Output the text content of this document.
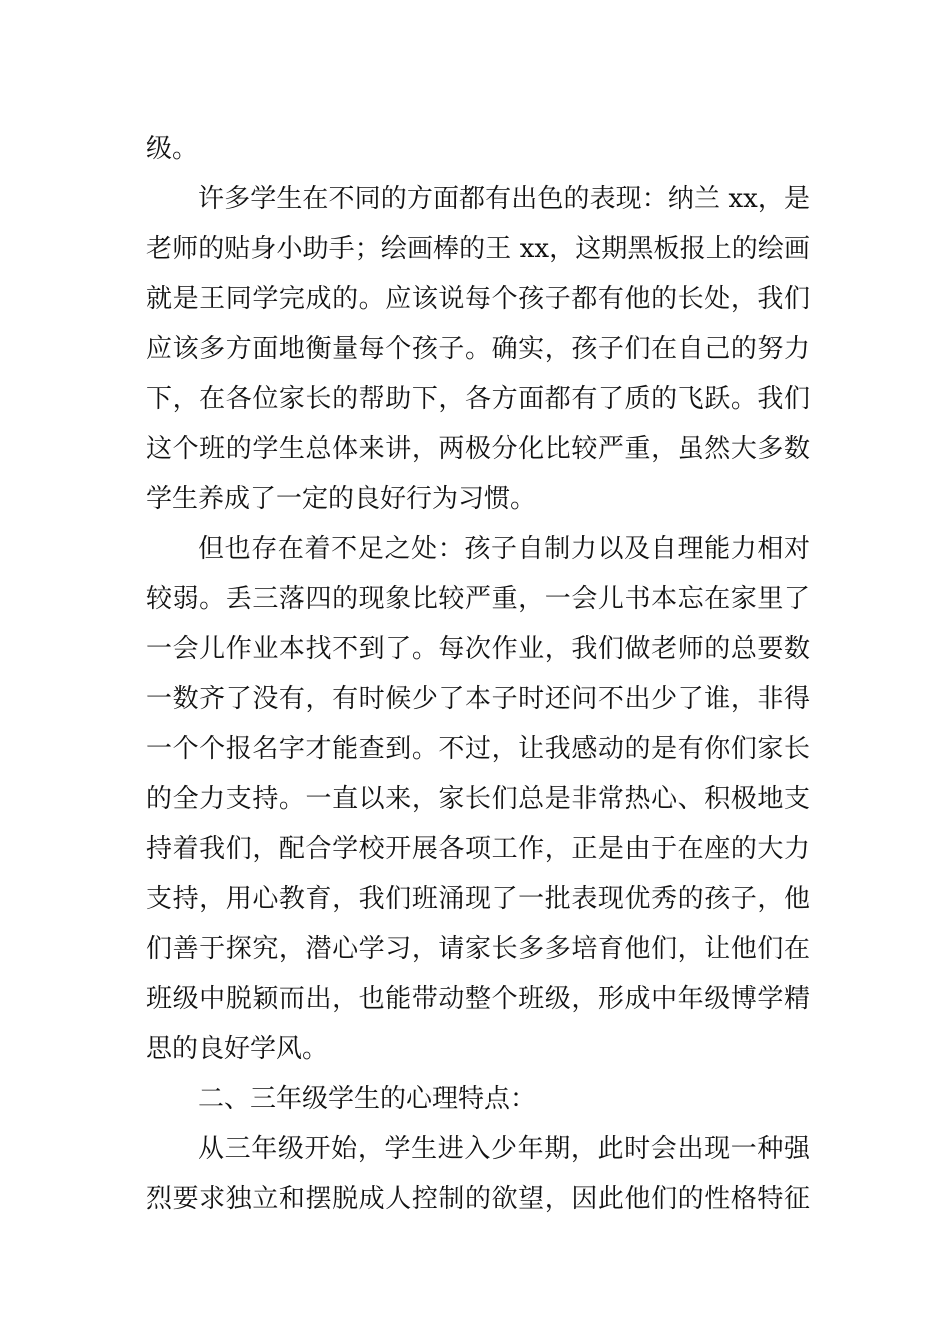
级。
许多学生在不同的方面都有出色的表现：纳兰 xx，是
老师的贴身小助手；绘画棒的王 xx，这期黑板报上的绘画
就是王同学完成的。应该说每个孩子都有他的长处，我们
应该多方面地衡量每个孩子。确实，孩子们在自己的努力
下，在各位家长的帮助下，各方面都有了质的飞跃。我们
这个班的学生总体来讲，两极分化比较严重，虽然大多数
学生养成了一定的良好行为习惯。
但也存在着不足之处：孩子自制力以及自理能力相对
较弱。丢三落四的现象比较严重，一会儿书本忘在家里了
一会儿作业本找不到了。每次作业，我们做老师的总要数
一数齐了没有，有时候少了本子时还问不出少了谁，非得
一个个报名字才能查到。不过，让我感动的是有你们家长
的全力支持。一直以来，家长们总是非常热心、积极地支
持着我们，配合学校开展各项工作，正是由于在座的大力
支持，用心教育，我们班涌现了一批表现优秀的孩子，他
们善于探究，潜心学习，请家长多多培育他们，让他们在
班级中脱颖而出，也能带动整个班级，形成中年级博学精
思的良好学风。
二、三年级学生的心理特点：
从三年级开始，学生进入少年期，此时会出现一种强
烈要求独立和摆脱成人控制的欲望，因此他们的性格特征
